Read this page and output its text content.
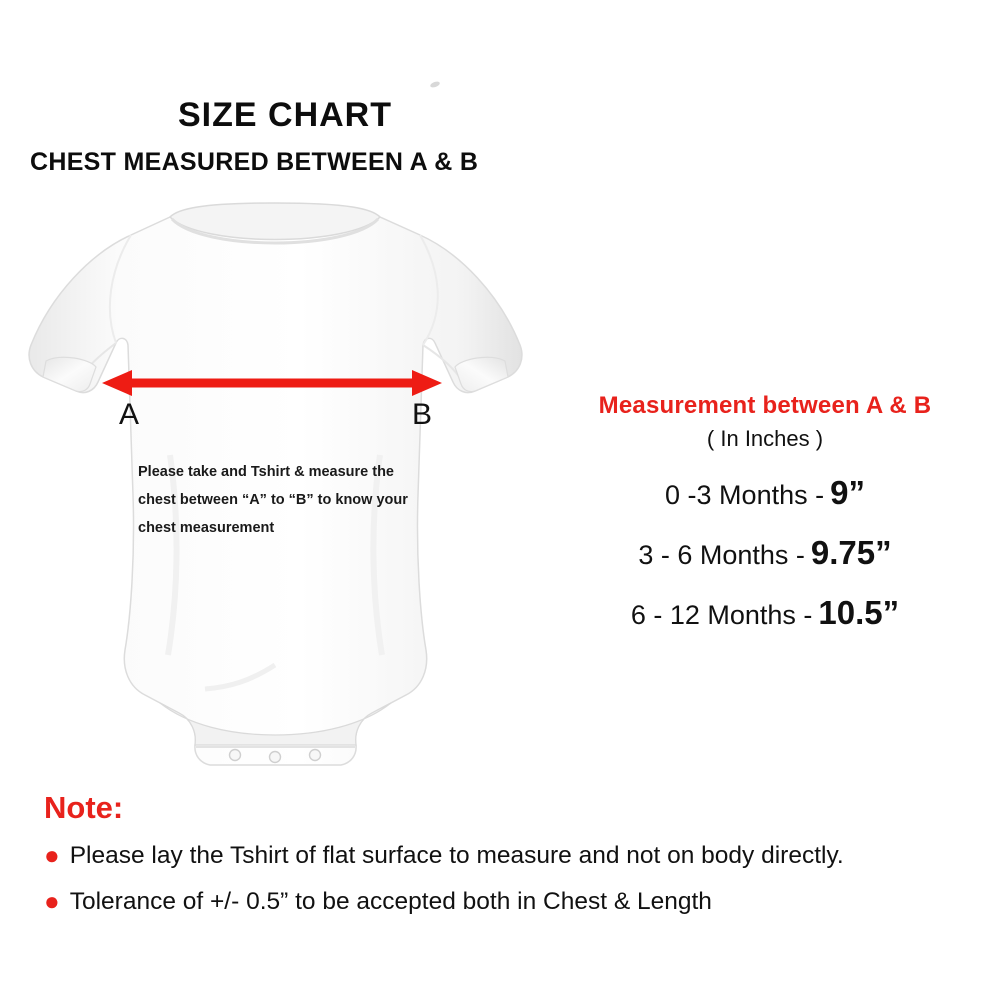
SIZE CHART
CHEST MEASURED BETWEEN A & B
A	B
Please take and Tshirt & measure the chest between “A” to “B” to know your chest measurement
Measurement between A & B
( In Inches )
0 -3 Months - 9”
3 - 6 Months - 9.75”
6 - 12 Months - 10.5”
Note:
● Please lay the Tshirt of flat surface to measure and not on body directly.
● Tolerance of +/- 0.5” to be accepted both in Chest & Length
